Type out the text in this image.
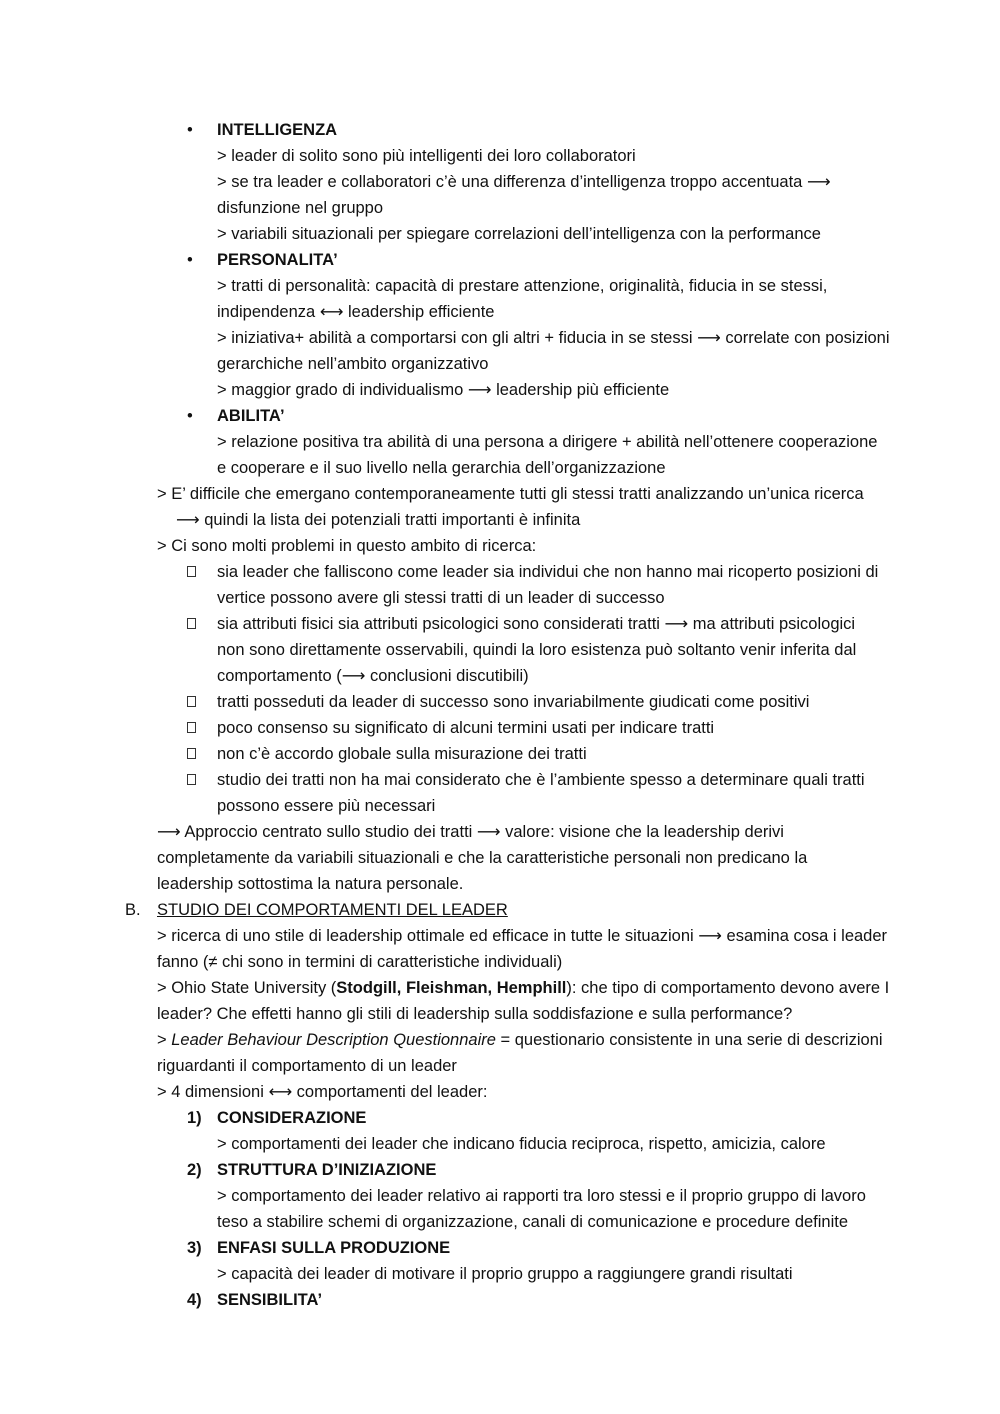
• INTELLIGENZA
> leader di solito sono più intelligenti dei loro collaboratori
> se tra leader e collaboratori c’è una differenza d’intelligenza troppo accentuata ⟶
disfunzione nel gruppo
> variabili situazionali per spiegare correlazioni dell’intelligenza con la performance
• PERSONALITA’
> tratti di personalità: capacità di prestare attenzione, originalità, fiducia in se stessi,
indipendenza ⟷ leadership efficiente
> iniziativa+ abilità a comportarsi con gli altri + fiducia in se stessi ⟶ correlate con posizioni
gerarchiche nell’ambito organizzativo
> maggior grado di individualismo ⟶ leadership più efficiente
• ABILITA’
> relazione positiva tra abilità di una persona a dirigere + abilità nell’ottenere cooperazione
e cooperare e il suo livello nella gerarchia dell’organizzazione
> E’ difficile che emergano contemporaneamente tutti gli stessi tratti analizzando un’unica ricerca
⟶ quindi la lista dei potenziali tratti importanti è infinita
> Ci sono molti problemi in questo ambito di ricerca:
sia leader che falliscono come leader sia individui che non hanno mai ricoperto posizioni di
vertice possono avere gli stessi tratti di un leader di successo
sia attributi fisici sia attributi psicologici sono considerati tratti ⟶ ma attributi psicologici
non sono direttamente osservabili, quindi la loro esistenza può soltanto venir inferita dal
comportamento (⟶ conclusioni discutibili)
tratti posseduti da leader di successo sono invariabilmente giudicati come positivi
poco consenso su significato di alcuni termini usati per indicare tratti
non c’è accordo globale sulla misurazione dei tratti
studio dei tratti non ha mai considerato che è l’ambiente spesso a determinare quali tratti
possono essere più necessari
⟶ Approccio centrato sullo studio dei tratti ⟶ valore: visione che la leadership derivi
completamente da variabili situazionali e che la caratteristiche personali non predicano la
leadership sottostima la natura personale.
B. STUDIO DEI COMPORTAMENTI DEL LEADER
> ricerca di uno stile di leadership ottimale ed efficace in tutte le situazioni ⟶ esamina cosa i leader
fanno (≠ chi sono in termini di caratteristiche individuali)
> Ohio State University (Stodgill, Fleishman, Hemphill): che tipo di comportamento devono avere I
leader? Che effetti hanno gli stili di leadership sulla soddisfazione e sulla performance?
> Leader Behaviour Description Questionnaire = questionario consistente in una serie di descrizioni
riguardanti il comportamento di un leader
> 4 dimensioni ⟷ comportamenti del leader:
1) CONSIDERAZIONE
> comportamenti dei leader che indicano fiducia reciproca, rispetto, amicizia, calore
2) STRUTTURA D’INIZIAZIONE
> comportamento dei leader relativo ai rapporti tra loro stessi e il proprio gruppo di lavoro
teso a stabilire schemi di organizzazione, canali di comunicazione e procedure definite
3) ENFASI SULLA PRODUZIONE
> capacità dei leader di motivare il proprio gruppo a raggiungere grandi risultati
4) SENSIBILITA’
